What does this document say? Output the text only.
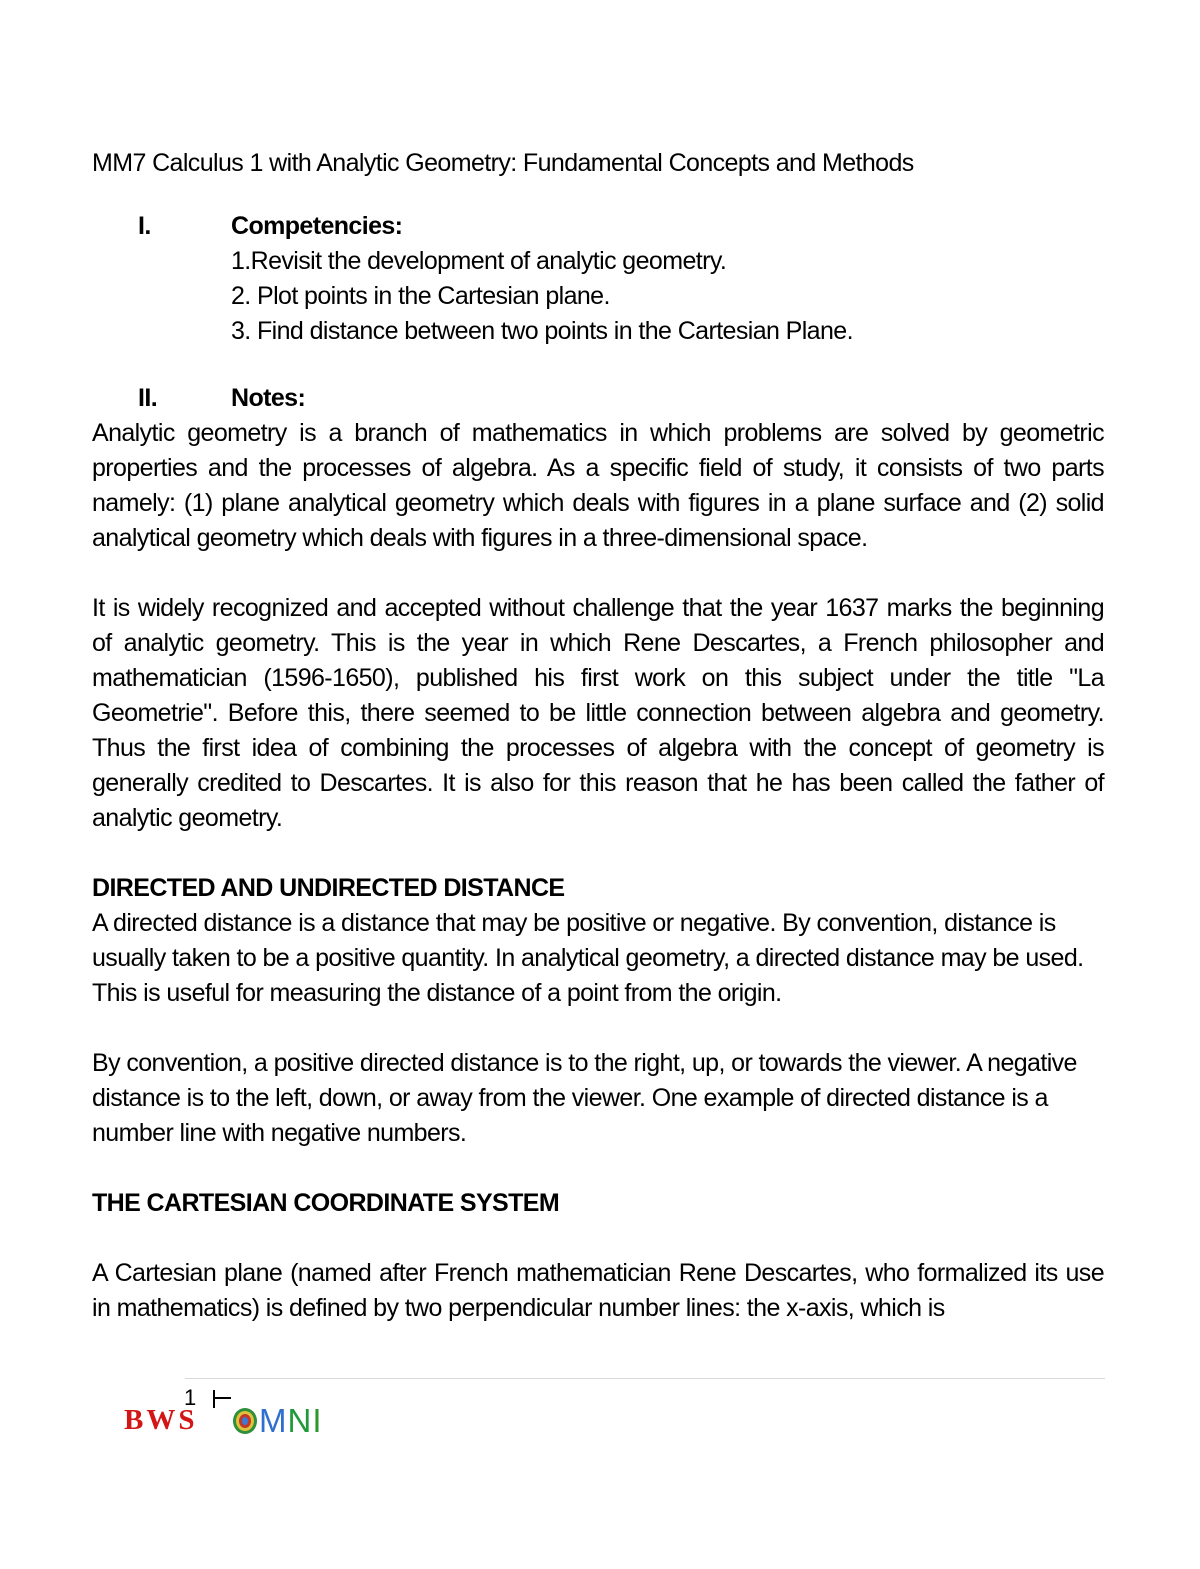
MM7 Calculus 1 with Analytic Geometry: Fundamental Concepts and Methods
I.	Competencies:
1.Revisit the development of analytic geometry.
2. Plot points in the Cartesian plane.
3. Find distance between two points in the Cartesian Plane.
II.	Notes:

Analytic geometry is a branch of mathematics in which problems are solved by geometric properties and the processes of algebra. As a specific field of study, it consists of two parts namely: (1) plane analytical geometry which deals with figures in a plane surface and (2) solid analytical geometry which deals with figures in a three-dimensional space.

It is widely recognized and accepted without challenge that the year 1637 marks the beginning of analytic geometry. This is the year in which Rene Descartes, a French philosopher and mathematician (1596-1650), published his first work on this subject under the title "La Geometrie". Before this, there seemed to be little connection between algebra and geometry. Thus the first idea of combining the processes of algebra with the concept of geometry is generally credited to Descartes. It is also for this reason that he has been called the father of analytic geometry.

DIRECTED AND UNDIRECTED DISTANCE

A directed distance is a distance that may be positive or negative. By convention, distance is usually taken to be a positive quantity. In analytical geometry, a directed distance may be used. This is useful for measuring the distance of a point from the origin.

By convention, a positive directed distance is to the right, up, or towards the viewer. A negative distance is to the left, down, or away from the viewer. One example of directed distance is a number line with negative numbers.

THE CARTESIAN COORDINATE SYSTEM

A Cartesian plane (named after French mathematician Rene Descartes, who formalized its use in mathematics) is defined by two perpendicular number lines: the x-axis, which is

1
BWS M N I
